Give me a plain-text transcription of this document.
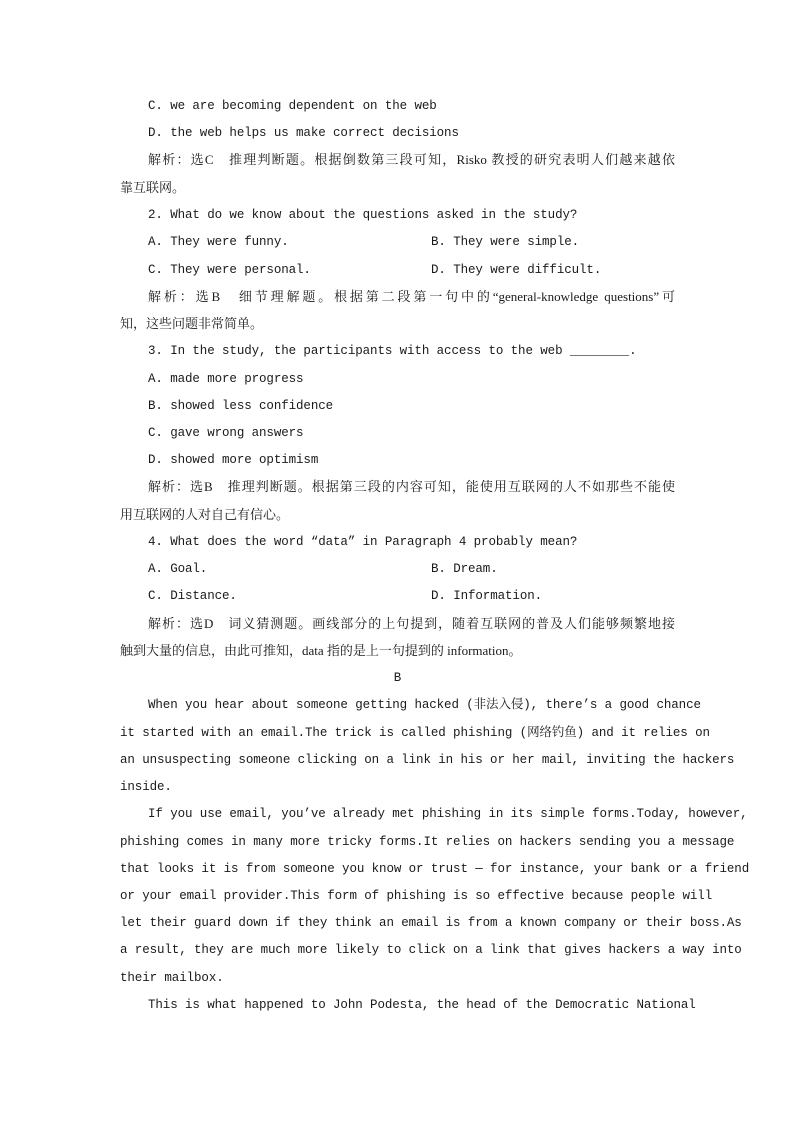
C. we are becoming dependent on the web
D. the web helps us make correct decisions
解析：选C　推理判断题。根据倒数第三段可知，Risko 教授的研究表明人们越来越依
靠互联网。
2. What do we know about the questions asked in the study?
A. They were funny.	B. They were simple.
C. They were personal.	D. They were difficult.
解析：选B　细节理解题。根据第二段第一句中的“general-knowledge questions”可
知，这些问题非常简单。
3. In the study, the participants with access to the web ________.
A. made more progress
B. showed less confidence
C. gave wrong answers
D. showed more optimism
解析：选B　推理判断题。根据第三段的内容可知，能使用互联网的人不如那些不能使
用互联网的人对自己有信心。
4. What does the word “data” in Paragraph 4 probably mean?
A. Goal.	B. Dream.
C. Distance.	D. Information.
解析：选D　词义猜测题。画线部分的上句提到，随着互联网的普及人们能够频繁地接
触到大量的信息，由此可推知，data 指的是上一句提到的 information。
B
When you hear about someone getting hacked (非法入侵), there’s a good chance
it started with an email.The trick is called phishing (网络钓鱼) and it relies on
an unsuspecting someone clicking on a link in his or her mail, inviting the hackers
inside.
If you use email, you’ve already met phishing in its simple forms.Today, however,
phishing comes in many more tricky forms.It relies on hackers sending you a message
that looks it is from someone you know or trust — for instance, your bank or a friend
or your email provider.This form of phishing is so effective because people will
let their guard down if they think an email is from a known company or their boss.As
a result, they are much more likely to click on a link that gives hackers a way into
their mailbox.
This is what happened to John Podesta, the head of the Democratic National
